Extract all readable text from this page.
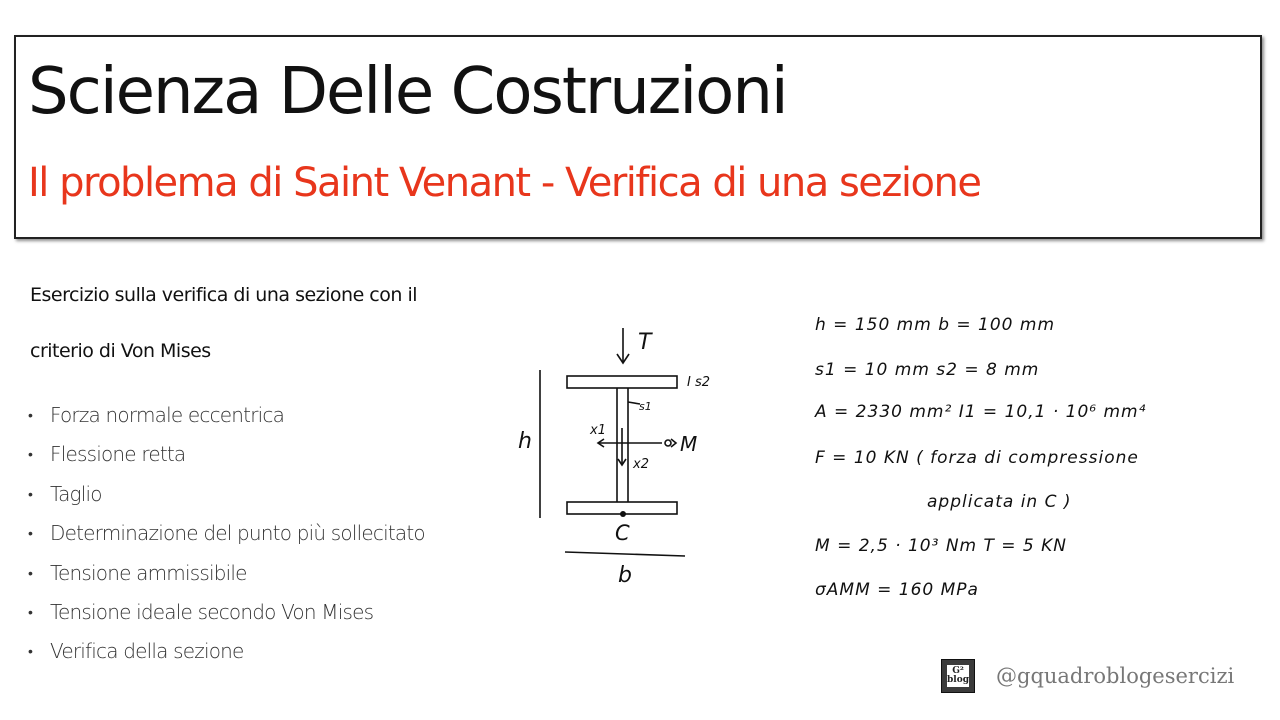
Scienza Delle Costruzioni
Il problema di Saint Venant - Verifica di una sezione
Esercizio sulla verifica di una sezione con il
criterio di Von Mises
• Forza normale eccentrica
• Flessione retta
• Taglio
• Determinazione del punto più sollecitato
• Tensione ammissibile
• Tensione ideale secondo Von Mises
• Verifica della sezione
T
I s2
s1
x1
x2
M
h
C
b
h = 150 mm b = 100 mm
s1 = 10 mm s2 = 8 mm
A = 2330 mm² I1 = 10,1 · 10⁶ mm⁴
F = 10 KN ( forza di compressione
applicata in C )
M = 2,5 · 10³ Nm T = 5 KN
σAMM = 160 MPa
G² blog @gquadroblogesercizi
